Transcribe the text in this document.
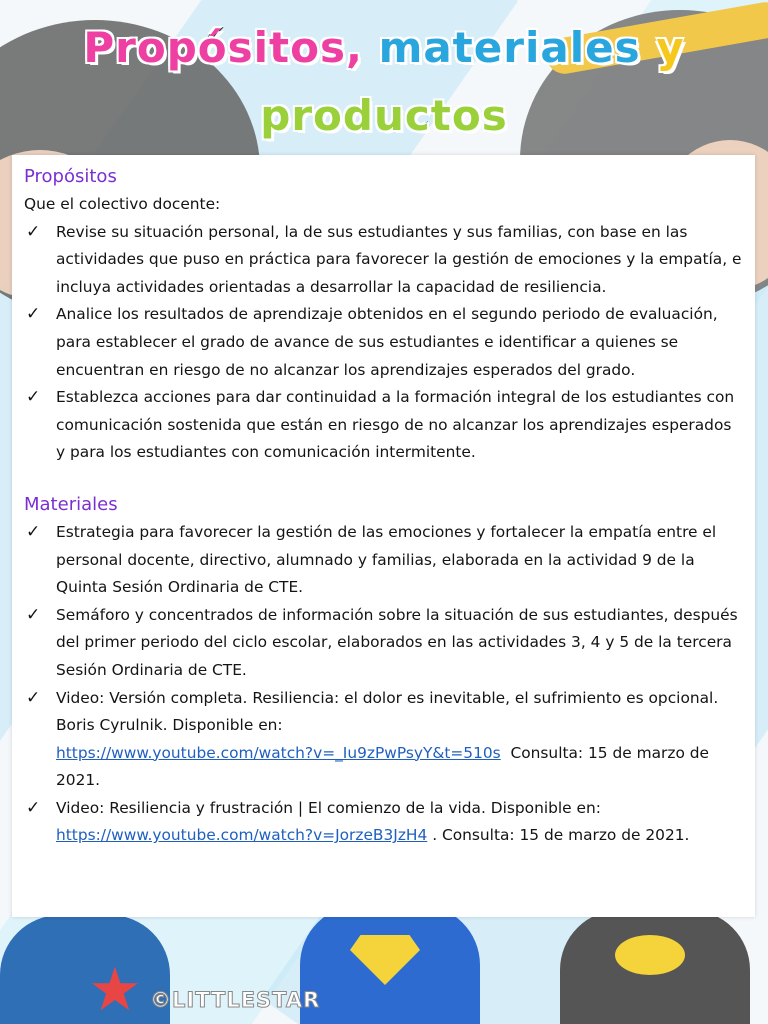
★
Propósitos, materiales y
productos
Propósitos
Que el colectivo docente:
✓ Revise su situación personal, la de sus estudiantes y sus familias, con base en las actividades que puso en práctica para favorecer la gestión de emociones y la empatía, e incluya actividades orientadas a desarrollar la capacidad de resiliencia.
✓ Analice los resultados de aprendizaje obtenidos en el segundo periodo de evaluación, para establecer el grado de avance de sus estudiantes e identificar a quienes se encuentran en riesgo de no alcanzar los aprendizajes esperados del grado.
✓ Establezca acciones para dar continuidad a la formación integral de los estudiantes con comunicación sostenida que están en riesgo de no alcanzar los aprendizajes esperados y para los estudiantes con comunicación intermitente.
Materiales
✓ Estrategia para favorecer la gestión de las emociones y fortalecer la empatía entre el personal docente, directivo, alumnado y familias, elaborada en la actividad 9 de la Quinta Sesión Ordinaria de CTE.
✓ Semáforo y concentrados de información sobre la situación de sus estudiantes, después del primer periodo del ciclo escolar, elaborados en las actividades 3, 4 y 5 de la tercera Sesión Ordinaria de CTE.
✓ Video: Versión completa. Resiliencia: el dolor es inevitable, el sufrimiento es opcional. Boris Cyrulnik. Disponible en:
https://www.youtube.com/watch?v=_Iu9zPwPsyY&t=510s Consulta: 15 de marzo de 2021.
✓ Video: Resiliencia y frustración | El comienzo de la vida. Disponible en:
https://www.youtube.com/watch?v=JorzeB3JzH4 . Consulta: 15 de marzo de 2021.
©LITTLESTAR
